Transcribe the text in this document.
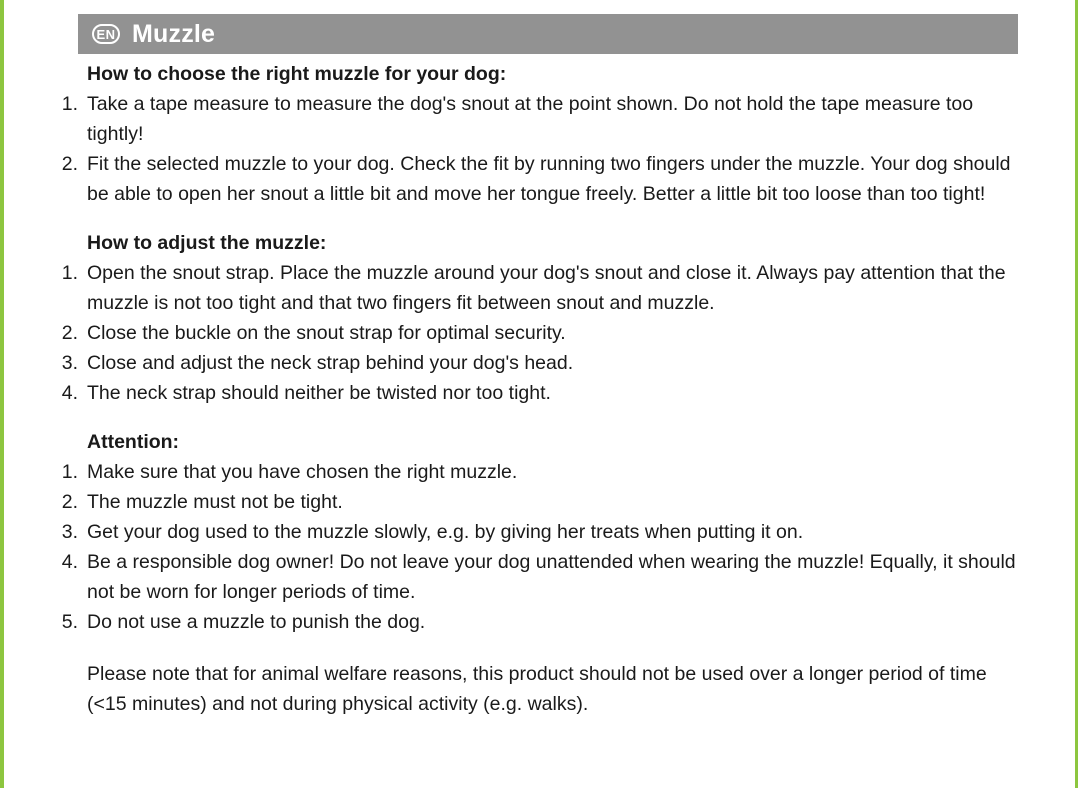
EN Muzzle
How to choose the right muzzle for your dog:
1. Take a tape measure to measure the dog's snout at the point shown. Do not hold the tape measure too tightly!
2. Fit the selected muzzle to your dog. Check the fit by running two fingers under the muzzle. Your dog should be able to open her snout a little bit and move her tongue freely. Better a little bit too loose than too tight!
How to adjust the muzzle:
1. Open the snout strap. Place the muzzle around your dog's snout and close it. Always pay attention that the muzzle is not too tight and that two fingers fit between snout and muzzle.
2. Close the buckle on the snout strap for optimal security.
3. Close and adjust the neck strap behind your dog's head.
4. The neck strap should neither be twisted nor too tight.
Attention:
1. Make sure that you have chosen the right muzzle.
2. The muzzle must not be tight.
3. Get your dog used to the muzzle slowly, e.g. by giving her treats when putting it on.
4. Be a responsible dog owner! Do not leave your dog unattended when wearing the muzzle! Equally, it should not be worn for longer periods of time.
5. Do not use a muzzle to punish the dog.
Please note that for animal welfare reasons, this product should not be used over a longer period of time (<15 minutes) and not during physical activity (e.g. walks).
